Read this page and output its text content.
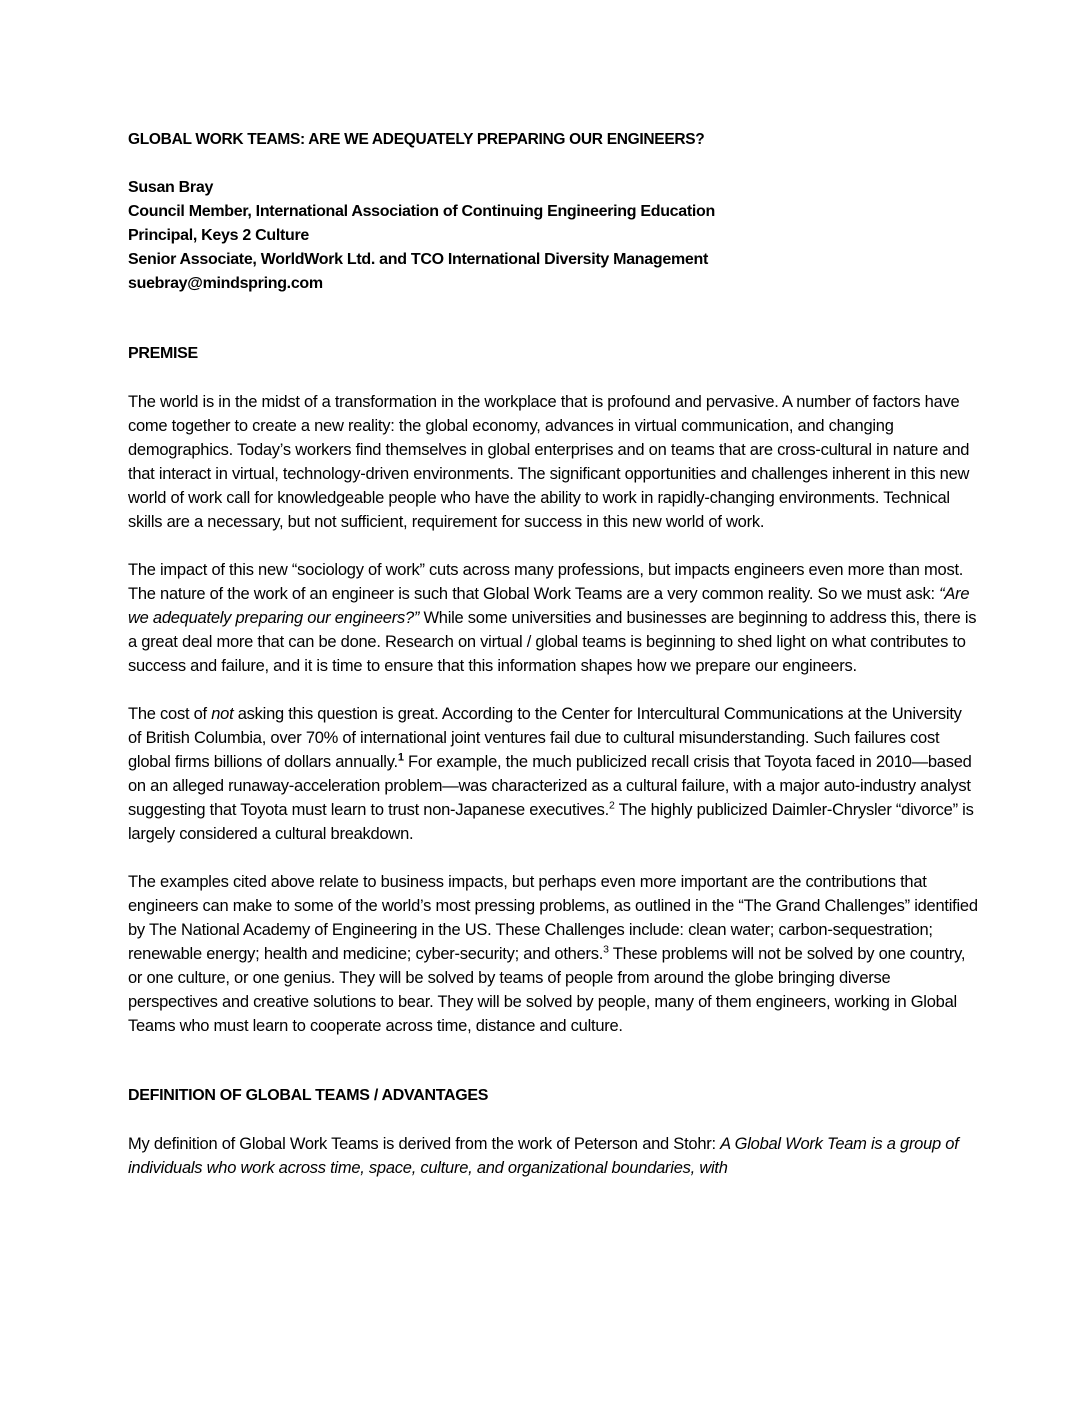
GLOBAL WORK TEAMS: ARE WE ADEQUATELY PREPARING OUR ENGINEERS?
Susan Bray
Council Member, International Association of Continuing Engineering Education
Principal, Keys 2 Culture
Senior Associate, WorldWork Ltd. and TCO International Diversity Management
suebray@mindspring.com
PREMISE

The world is in the midst of a transformation in the workplace that is profound and pervasive. A number of factors have come together to create a new reality: the global economy, advances in virtual communication, and changing demographics. Today’s workers find themselves in global enterprises and on teams that are cross-cultural in nature and that interact in virtual, technology-driven environments. The significant opportunities and challenges inherent in this new world of work call for knowledgeable people who have the ability to work in rapidly-changing environments. Technical skills are a necessary, but not sufficient, requirement for success in this new world of work.

The impact of this new “sociology of work” cuts across many professions, but impacts engineers even more than most. The nature of the work of an engineer is such that Global Work Teams are a very common reality. So we must ask: “Are we adequately preparing our engineers?” While some universities and businesses are beginning to address this, there is a great deal more that can be done. Research on virtual / global teams is beginning to shed light on what contributes to success and failure, and it is time to ensure that this information shapes how we prepare our engineers.

The cost of not asking this question is great. According to the Center for Intercultural Communications at the University of British Columbia, over 70% of international joint ventures fail due to cultural misunderstanding. Such failures cost global firms billions of dollars annually.$^1$ For example, the much publicized recall crisis that Toyota faced in 2010—based on an alleged runaway-acceleration problem—was characterized as a cultural failure, with a major auto-industry analyst suggesting that Toyota must learn to trust non-Japanese executives.$^2$ The highly publicized Daimler-Chrysler “divorce” is largely considered a cultural breakdown.

The examples cited above relate to business impacts, but perhaps even more important are the contributions that engineers can make to some of the world’s most pressing problems, as outlined in the “The Grand Challenges” identified by The National Academy of Engineering in the US. These Challenges include: clean water; carbon-sequestration; renewable energy; health and medicine; cyber-security; and others.$^3$ These problems will not be solved by one country, or one culture, or one genius. They will be solved by teams of people from around the globe bringing diverse perspectives and creative solutions to bear. They will be solved by people, many of them engineers, working in Global Teams who must learn to cooperate across time, distance and culture.

DEFINITION OF GLOBAL TEAMS / ADVANTAGES

My definition of Global Work Teams is derived from the work of Peterson and Stohr: A Global Work Team is a group of individuals who work across time, space, culture, and organizational boundaries, with
